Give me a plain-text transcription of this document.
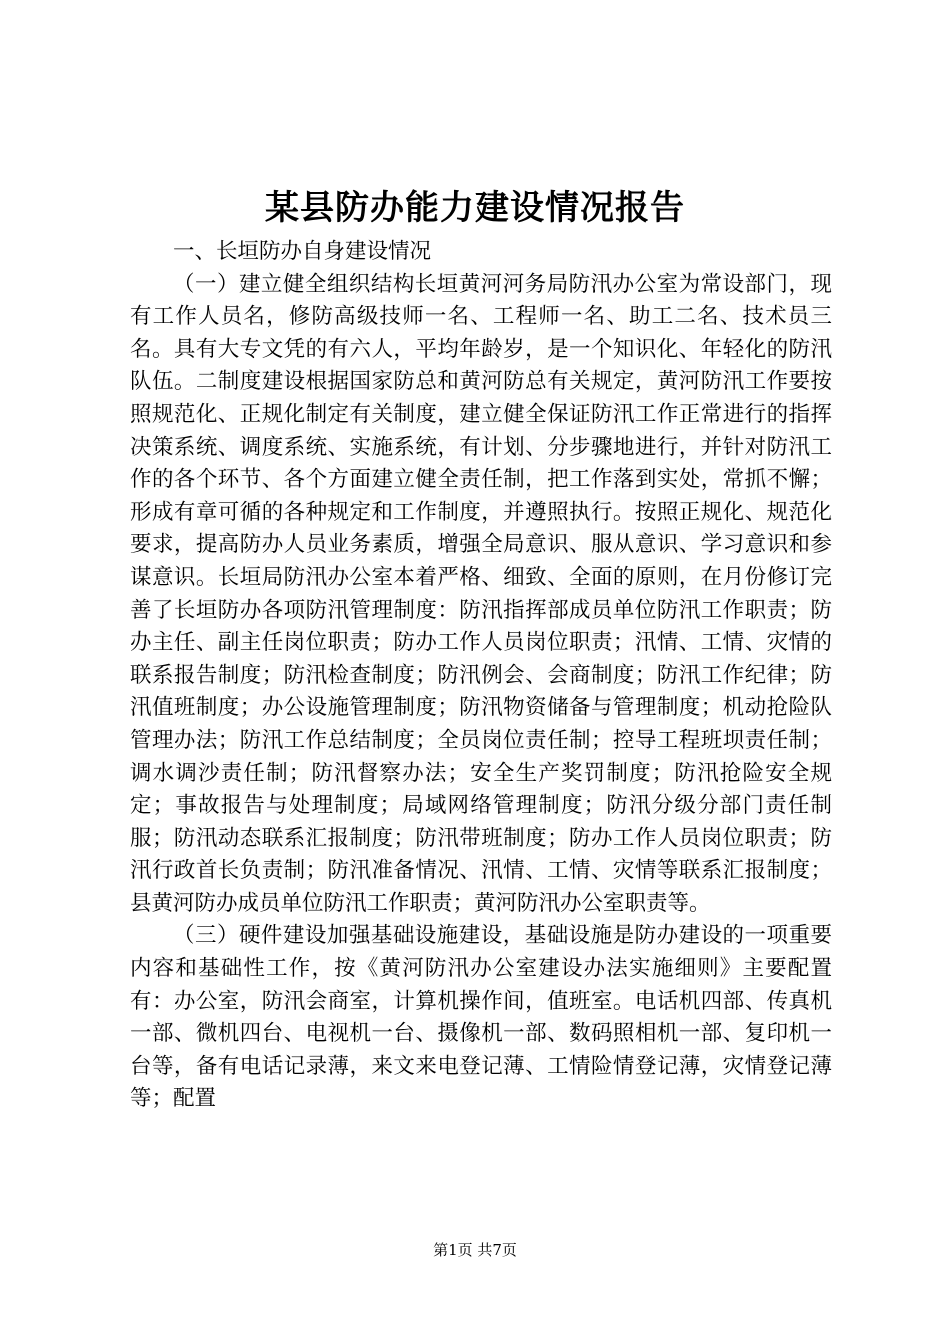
某县防办能力建设情况报告

一、长垣防办自身建设情况

（一）建立健全组织结构长垣黄河河务局防汛办公室为常设部门，现有工作人员名，修防高级技师一名、工程师一名、助工二名、技术员三名。具有大专文凭的有六人，平均年龄岁，是一个知识化、年轻化的防汛队伍。二制度建设根据国家防总和黄河防总有关规定，黄河防汛工作要按照规范化、正规化制定有关制度，建立健全保证防汛工作正常进行的指挥决策系统、调度系统、实施系统，有计划、分步骤地进行，并针对防汛工作的各个环节、各个方面建立健全责任制，把工作落到实处，常抓不懈；形成有章可循的各种规定和工作制度，并遵照执行。按照正规化、规范化要求，提高防办人员业务素质，增强全局意识、服从意识、学习意识和参谋意识。长垣局防汛办公室本着严格、细致、全面的原则，在月份修订完善了长垣防办各项防汛管理制度：防汛指挥部成员单位防汛工作职责；防办主任、副主任岗位职责；防办工作人员岗位职责；汛情、工情、灾情的联系报告制度；防汛检查制度；防汛例会、会商制度；防汛工作纪律；防汛值班制度；办公设施管理制度；防汛物资储备与管理制度；机动抢险队管理办法；防汛工作总结制度；全员岗位责任制；控导工程班坝责任制；调水调沙责任制；防汛督察办法；安全生产奖罚制度；防汛抢险安全规定；事故报告与处理制度；局域网络管理制度；防汛分级分部门责任制服；防汛动态联系汇报制度；防汛带班制度；防办工作人员岗位职责；防汛行政首长负责制；防汛准备情况、汛情、工情、灾情等联系汇报制度；县黄河防办成员单位防汛工作职责；黄河防汛办公室职责等。

（三）硬件建设加强基础设施建设，基础设施是防办建设的一项重要内容和基础性工作，按《黄河防汛办公室建设办法实施细则》主要配置有：办公室，防汛会商室，计算机操作间，值班室。电话机四部、传真机一部、微机四台、电视机一台、摄像机一部、数码照相机一部、复印机一台等，备有电话记录薄，来文来电登记薄、工情险情登记薄，灾情登记薄等；配置

第1页 共7页
